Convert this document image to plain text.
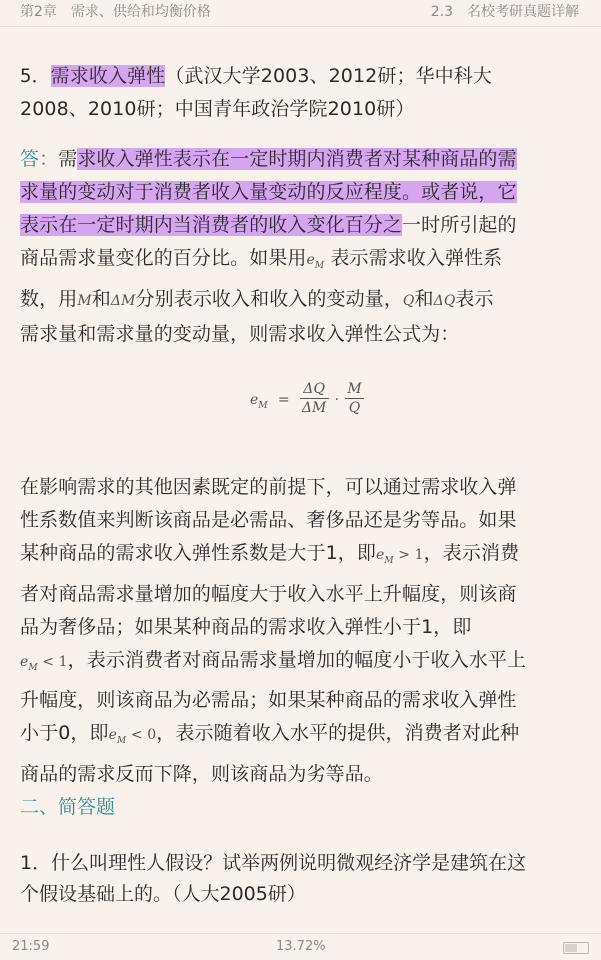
第2章　需求、供给和均衡价格	2.3　名校考研真题详解
5．需求收入弹性（武汉大学2003、2012研；华中科大
2008、2010研；中国青年政治学院2010研）
答：需求收入弹性表示在一定时期内消费者对某种商品的需
求量的变动对于消费者收入量变动的反应程度。或者说，它
表示在一定时期内当消费者的收入变化百分之一时所引起的
商品需求量变化的百分比。如果用$e_M$ 表示需求收入弹性系
数，用M和ΔM分别表示收入和收入的变动量，Q和ΔQ表示
需求量和需求量的变动量，则需求收入弹性公式为：
$e_M = \frac{\Delta Q}{\Delta M} \cdot \frac{M}{Q}$
在影响需求的其他因素既定的前提下，可以通过需求收入弹
性系数值来判断该商品是必需品、奢侈品还是劣等品。如果
某种商品的需求收入弹性系数是大于1，即$e_M > 1$，表示消费
者对商品需求量增加的幅度大于收入水平上升幅度，则该商
品为奢侈品；如果某种商品的需求收入弹性小于1，即
$e_M < 1$，表示消费者对商品需求量增加的幅度小于收入水平上
升幅度，则该商品为必需品；如果某种商品的需求收入弹性
小于0，即$e_M < 0$，表示随着收入水平的提供，消费者对此种
商品的需求反而下降，则该商品为劣等品。
二、简答题
1．什么叫理性人假设？试举两例说明微观经济学是建筑在这
个假设基础上的。（人大2005研）
21:59	13.72%
